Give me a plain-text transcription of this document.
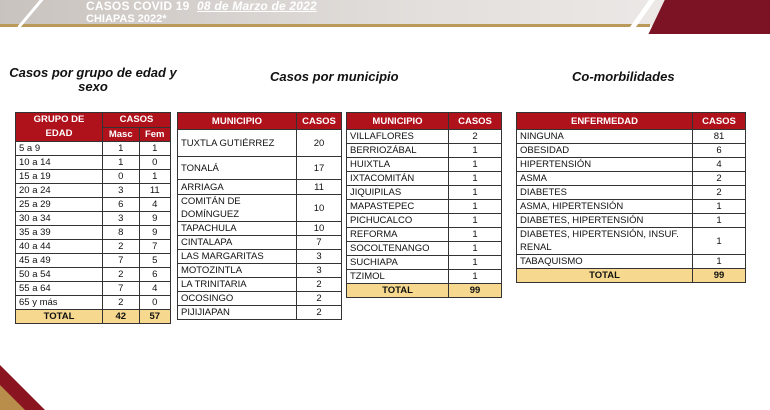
CASOS COVID 19 08 de Marzo de 2022
CHIAPAS 2022*
Casos por grupo de edad y sexo
Casos por municipio	Co-morbilidades
GRUPO DE EDAD	CASOS	
	Masc	Fem
5 a 9	1	1
10 a 14	1	0
15 a 19	0	1
20 a 24	3	11
25 a 29	6	4
30 a 34	3	9
35 a 39	8	9
40 a 44	2	7
45 a 49	7	5
50 a 54	2	6
55 a 64	7	4
65 y más	2	0
TOTAL	42	57
MUNICIPIO	CASOS
TUXTLA GUTIÉRREZ	20
TONALÁ	17
ARRIAGA	11
COMITÁN DE
DOMÍNGUEZ	10
TAPACHULA	10
CINTALAPA	7
LAS MARGARITAS	3
MOTOZINTLA	3
LA TRINITARIA	2
OCOSINGO	2
PIJIJIAPAN	2
MUNICIPIO	CASOS
VILLAFLORES	2
BERRIOZÁBAL	1
HUIXTLA	1
IXTACOMITÁN	1
JIQUIPILAS	1
MAPASTEPEC	1
PICHUCALCO	1
REFORMA	1
SOCOLTENANGO	1
SUCHIAPA	1
TZIMOL	1
TOTAL	99
ENFERMEDAD	CASOS
NINGUNA	81
OBESIDAD	6
HIPERTENSIÓN	4
ASMA	2
DIABETES	2
ASMA, HIPERTENSIÓN	1
DIABETES, HIPERTENSIÓN	1
DIABETES, HIPERTENSIÓN, INSUF.
RENAL	1
TABAQUISMO	1
TOTAL	99
